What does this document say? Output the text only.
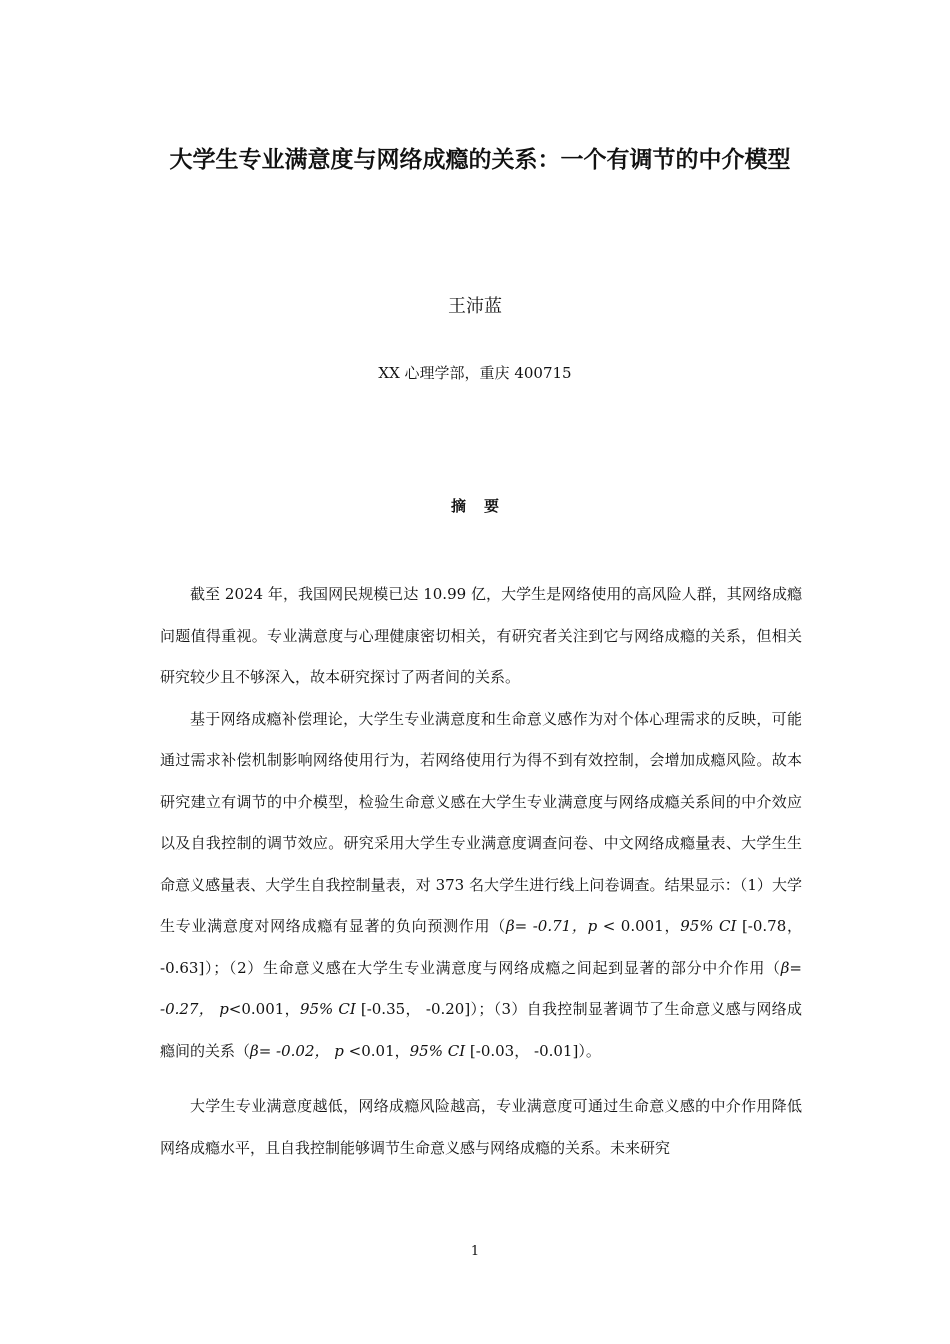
大学生专业满意度与网络成瘾的关系：一个有调节的中介模型
王沛蓝
XX 心理学部，重庆 400715
摘要

截至 2024 年，我国网民规模已达 10.99 亿，大学生是网络使用的高风险人群，其网络成瘾问题值得重视。专业满意度与心理健康密切相关，有研究者关注到它与网络成瘾的关系，但相关研究较少且不够深入，故本研究探讨了两者间的关系。

基于网络成瘾补偿理论，大学生专业满意度和生命意义感作为对个体心理需求的反映，可能通过需求补偿机制影响网络使用行为，若网络使用行为得不到有效控制，会增加成瘾风险。故本研究建立有调节的中介模型，检验生命意义感在大学生专业满意度与网络成瘾关系间的中介效应以及自我控制的调节效应。研究采用大学生专业满意度调查问卷、中文网络成瘾量表、大学生生命意义感量表、大学生自我控制量表，对 373 名大学生进行线上问卷调查。结果显示：（1）大学生专业满意度对网络成瘾有显著的负向预测作用（β= -0.71，p < 0.001，95% CI [-0.78， -0.63]）；（2）生命意义感在大学生专业满意度与网络成瘾之间起到显著的部分中介作用（β= -0.27， p<0.001，95% CI [-0.35， -0.20]）；（3）自我控制显著调节了生命意义感与网络成瘾间的关系（β= -0.02， p <0.01，95% CI [-0.03， -0.01]）。

大学生专业满意度越低，网络成瘾风险越高，专业满意度可通过生命意义感的中介作用降低网络成瘾水平，且自我控制能够调节生命意义感与网络成瘾的关系。未来研究

1
